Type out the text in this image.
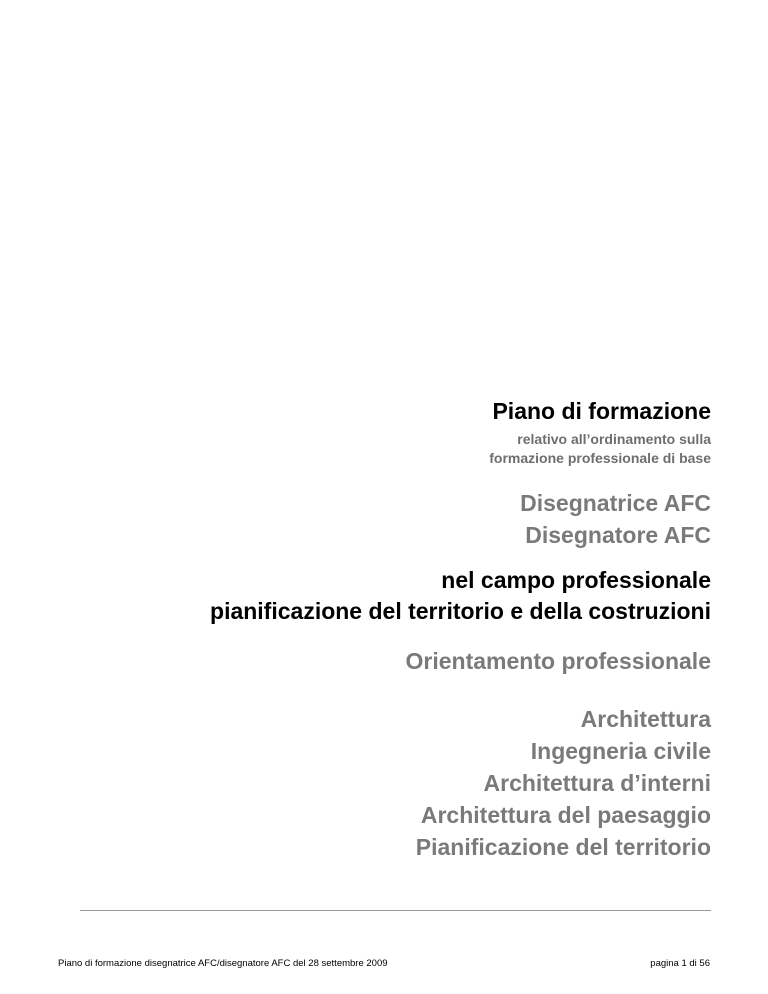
Piano di formazione
relativo all’ordinamento sulla
formazione professionale di base
Disegnatrice AFC
Disegnatore AFC
nel campo professionale
pianificazione del territorio e della costruzioni
Orientamento professionale
Architettura
Ingegneria civile
Architettura d’interni
Architettura del paesaggio
Pianificazione del territorio
Piano di formazione disegnatrice AFC/disegnatore AFC del 28 settembre 2009	pagina 1 di 56
